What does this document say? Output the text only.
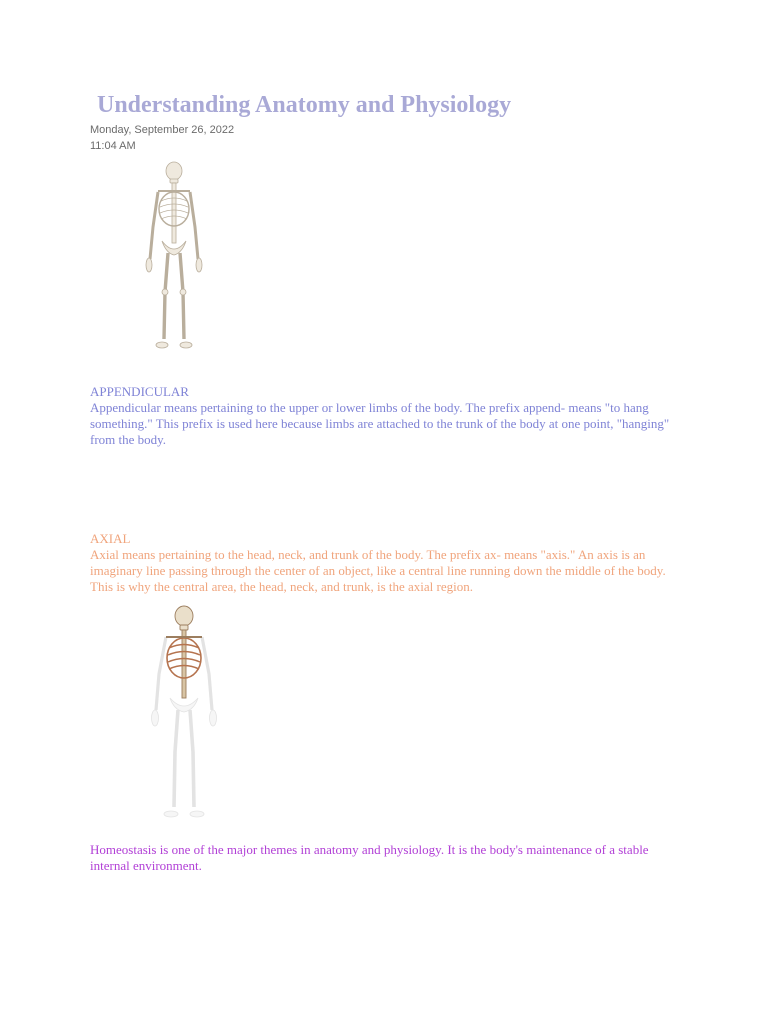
Understanding Anatomy and Physiology
Monday, September 26, 2022
11:04 AM

APPENDICULAR

Appendicular means pertaining to the upper or lower limbs of the body. The prefix append- means "to hang something." This prefix is used here because limbs are attached to the trunk of the body at one point, "hanging" from the body.

AXIAL

Axial means pertaining to the head, neck, and trunk of the body. The prefix ax- means "axis." An axis is an imaginary line passing through the center of an object, like a central line running down the middle of the body. This is why the central area, the head, neck, and trunk, is the axial region.

Homeostasis is one of the major themes in anatomy and physiology. It is the body's maintenance of a stable internal environment.
